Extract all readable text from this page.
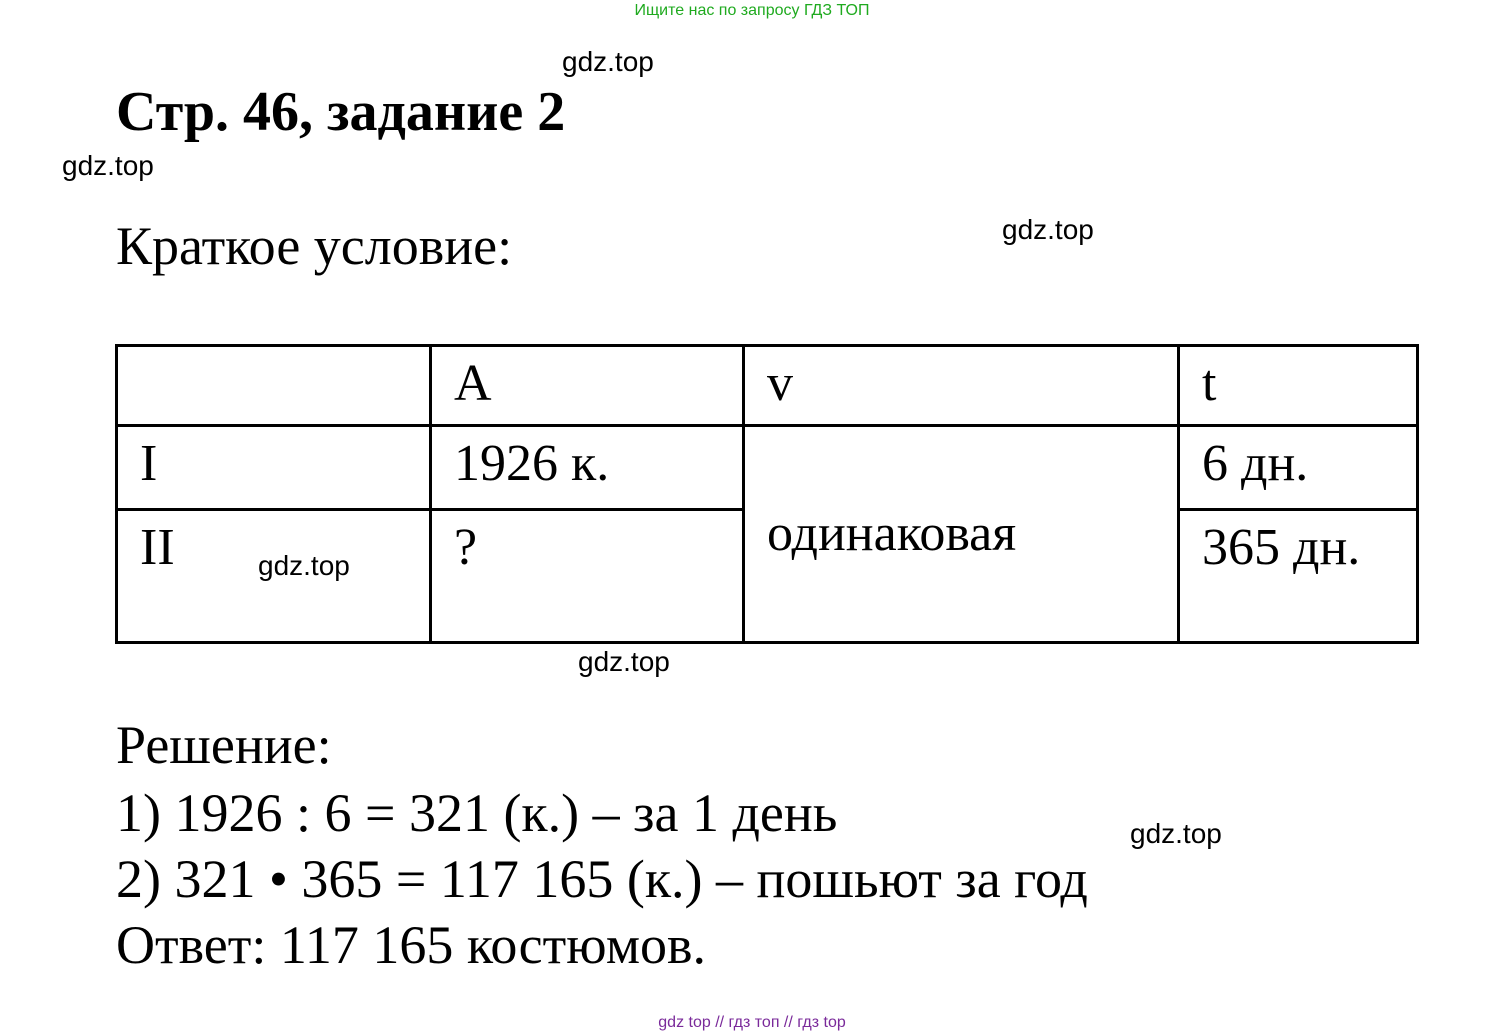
Ищите нас по запросу ГДЗ ТОП
gdz.top
Стр. 46, задание 2
gdz.top
Краткое условие:	gdz.top
	A	v	t
I	1926 к.	одинаковая	6 дн.
II	?		365 дн.
gdz.top
gdz.top
Решение:
1) 1926 : 6 = 321 (к.) – за 1 день	gdz.top
2) 321 • 365 = 117 165 (к.) – пошьют за год
Ответ: 117 165 костюмов.
gdz top // гдз топ // гдз top
